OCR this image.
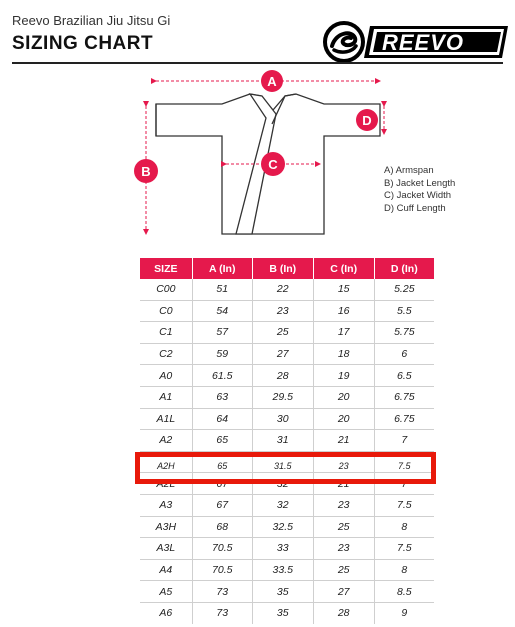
Reevo Brazilian Jiu Jitsu Gi
SIZING CHART	REEVO
A
B	C
D
A) Armspan
B) Jacket Length
C) Jacket Width
D) Cuff Length
SIZE	A (In)	B (In)	C (In)	D (In)
C00	51	22	15	5.25
C0	54	23	16	5.5
C1	57	25	17	5.75
C2	59	27	18	6
A0	61.5	28	19	6.5
A1	63	29.5	20	6.75
A1L	64	30	20	6.75
A2	65	31	21	7
A2H	65	31.5	23	7.5
A2L	67	32	21	7
A3	67	32	23	7.5
A3H	68	32.5	25	8
A3L	70.5	33	23	7.5
A4	70.5	33.5	25	8
A5	73	35	27	8.5
A6	73	35	28	9
